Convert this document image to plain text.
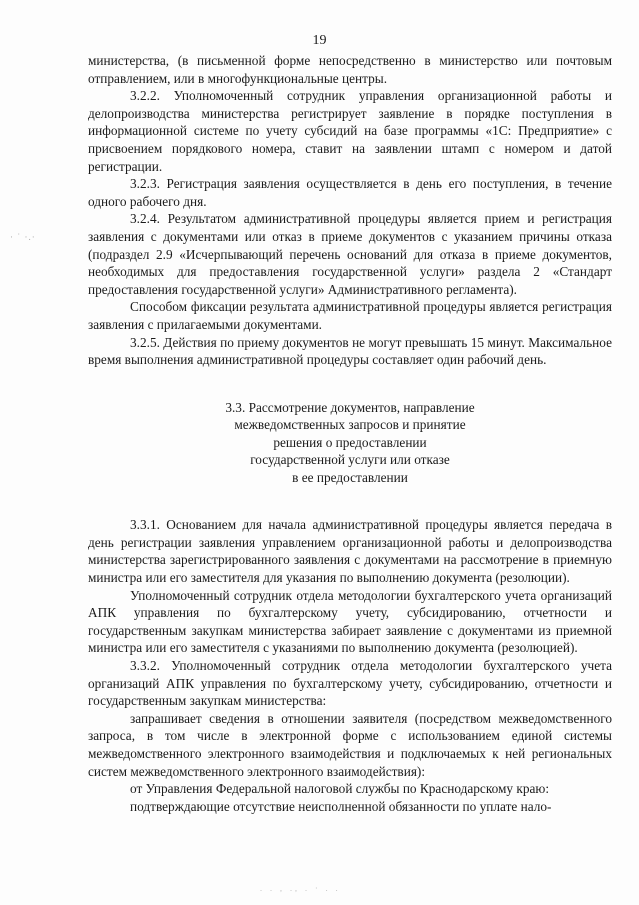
19
· ˙ ·.·

министерства, (в письменной форме непосредственно в министерство или почтовым отправлением, или в многофункциональные центры.

3.2.2. Уполномоченный сотрудник управления организационной работы и делопроизводства министерства регистрирует заявление в порядке поступления в информационной системе по учету субсидий на базе программы «1С: Предприятие» с присвоением порядкового номера, ставит на заявлении штамп с номером и датой регистрации.

3.2.3. Регистрация заявления осуществляется в день его поступления, в течение одного рабочего дня.

3.2.4. Результатом административной процедуры является прием и регистрация заявления с документами или отказ в приеме документов с указанием причины отказа (подраздел 2.9 «Исчерпывающий перечень оснований для отказа в приеме документов, необходимых для предоставления государственной услуги» раздела 2 «Стандарт предоставления государственной услуги» Административного регламента).

Способом фиксации результата административной процедуры является регистрация заявления с прилагаемыми документами.

3.2.5. Действия по приему документов не могут превышать 15 минут. Максимальное время выполнения административной процедуры составляет один рабочий день.

3.3. Рассмотрение документов, направление
межведомственных запросов и принятие
решения о предоставлении
государственной услуги или отказе
в ее предоставлении

3.3.1. Основанием для начала административной процедуры является передача в день регистрации заявления управлением организационной работы и делопроизводства министерства зарегистрированного заявления с документами на рассмотрение в приемную министра или его заместителя для указания по выполнению документа (резолюции).

Уполномоченный сотрудник отдела методологии бухгалтерского учета организаций АПК управления по бухгалтерскому учету, субсидированию, отчетности и государственным закупкам министерства забирает заявление с документами из приемной министра или его заместителя с указаниями по выполнению документа (резолюцией).

3.3.2. Уполномоченный сотрудник отдела методологии бухгалтерского учета организаций АПК управления по бухгалтерскому учету, субсидированию, отчетности и государственным закупкам министерства:

запрашивает сведения в отношении заявителя (посредством межведомственного запроса, в том числе в электронной форме с использованием единой системы межведомственного электронного взаимодействия и подключаемых к ней региональных систем межведомственного электронного взаимодействия):

от Управления Федеральной налоговой службы по Краснодарскому краю:

подтверждающие отсутствие неисполненной обязанности по уплате нало-

. . , ., . · . .
